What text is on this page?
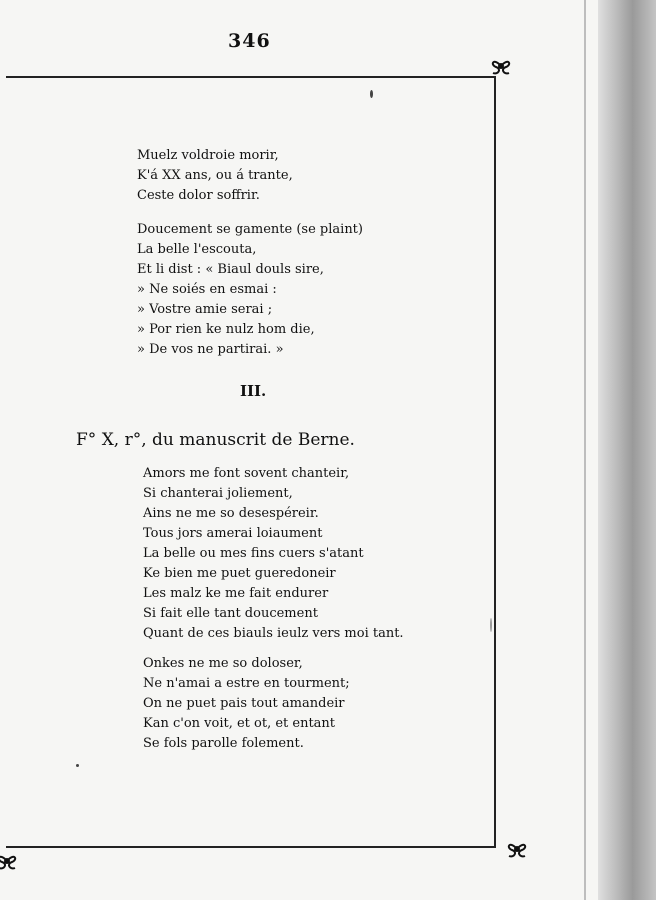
346
Muelz voldroie morir,
K'á XX ans, ou á trante,
Ceste dolor soffrir.
Doucement se gamente (se plaint)
La belle l'escouta,
Et li dist : « Biaul douls sire,
» Ne soiés en esmai :
» Vostre amie serai ;
» Por rien ke nulz hom die,
» De vos ne partirai. »
III.
F° X, r°, du manuscrit de Berne.
Amors me font sovent chanteir,
Si chanterai joliement,
Ains ne me so desespéreir.
Tous jors amerai loiaument
La belle ou mes fins cuers s'atant
Ke bien me puet gueredoneir
Les malz ke me fait endurer
Si fait elle tant doucement
Quant de ces biauls ieulz vers moi tant.
Onkes ne me so doloser,
Ne n'amai a estre en tourment;
On ne puet pais tout amandeir
Kan c'on voit, et ot, et entant
Se fols parolle folement.
